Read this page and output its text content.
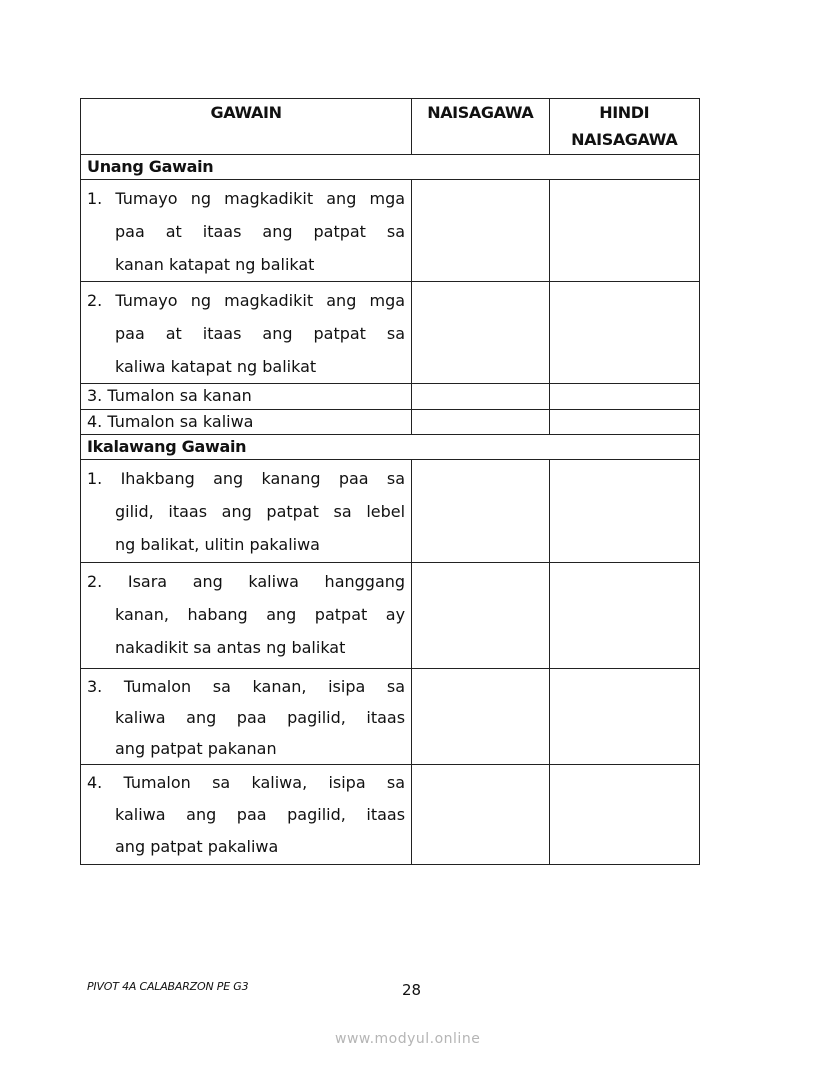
GAWAIN	NAISAGAWA	HINDI
NAISAGAWA
Unang Gawain		

1. Tumayo ng magkadikit ang mga
paa at itaas ang patpat sa
kanan katapat ng balikat		

2. Tumayo ng magkadikit ang mga
paa at itaas ang patpat sa
kaliwa katapat ng balikat		

3. Tumalon sa kanan		
4. Tumalon sa kaliwa		
Ikalawang Gawain		

1. Ihakbang ang kanang paa sa
gilid, itaas ang patpat sa lebel
ng balikat, ulitin pakaliwa		

2. Isara ang kaliwa hanggang
kanan, habang ang patpat ay
nakadikit sa antas ng balikat		

3. Tumalon sa kanan, isipa sa
kaliwa ang paa pagilid, itaas
ang patpat pakanan		

4. Tumalon sa kaliwa, isipa sa
kaliwa ang paa pagilid, itaas
ang patpat pakaliwa		

PIVOT 4A CALABARZON PE G3	28
www.modyul.online
